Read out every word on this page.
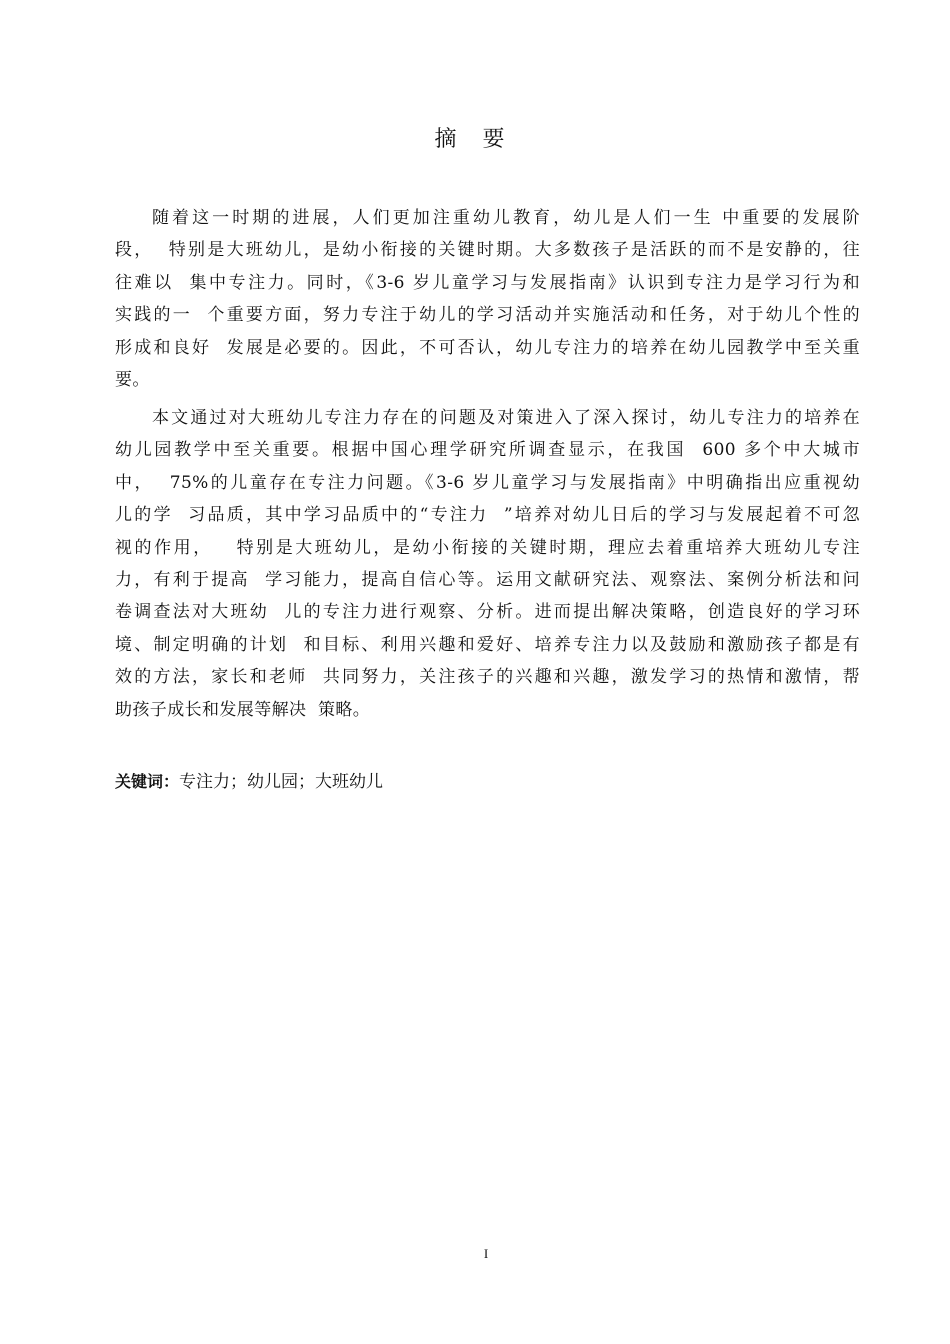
摘要
随着这一时期的进展，人们更加注重幼儿教育，幼儿是人们一生 中重要的发展阶
段，  特别是大班幼儿，是幼小衔接的关键时期。大多数孩子是活跃的而不是安静的，往
往难以  集中专注力。同时，《3-6 岁儿童学习与发展指南》认识到专注力是学习行为和
实践的一  个重要方面，努力专注于幼儿的学习活动并实施活动和任务，对于幼儿个性的
形成和良好  发展是必要的。因此，不可否认，幼儿专注力的培养在幼儿园教学中至关重
要。
本文通过对大班幼儿专注力存在的问题及对策进入了深入探讨，幼儿专注力的培养在
幼儿园教学中至关重要。根据中国心理学研究所调查显示，在我国  600 多个中大城市
中，  75%的儿童存在专注力问题。《3-6 岁儿童学习与发展指南》中明确指出应重视幼
儿的学  习品质，其中学习品质中的“专注力  ”培养对幼儿日后的学习与发展起着不可忽
视的作用，   特别是大班幼儿，是幼小衔接的关键时期，理应去着重培养大班幼儿专注
力，有利于提高  学习能力，提高自信心等。运用文献研究法、观察法、案例分析法和问
卷调查法对大班幼  儿的专注力进行观察、分析。进而提出解决策略，创造良好的学习环
境、制定明确的计划  和目标、利用兴趣和爱好、培养专注力以及鼓励和激励孩子都是有
效的方法，家长和老师  共同努力，关注孩子的兴趣和兴趣，激发学习的热情和激情，帮
助孩子成长和发展等解决  策略。
关键词：专注力；幼儿园；大班幼儿
I
